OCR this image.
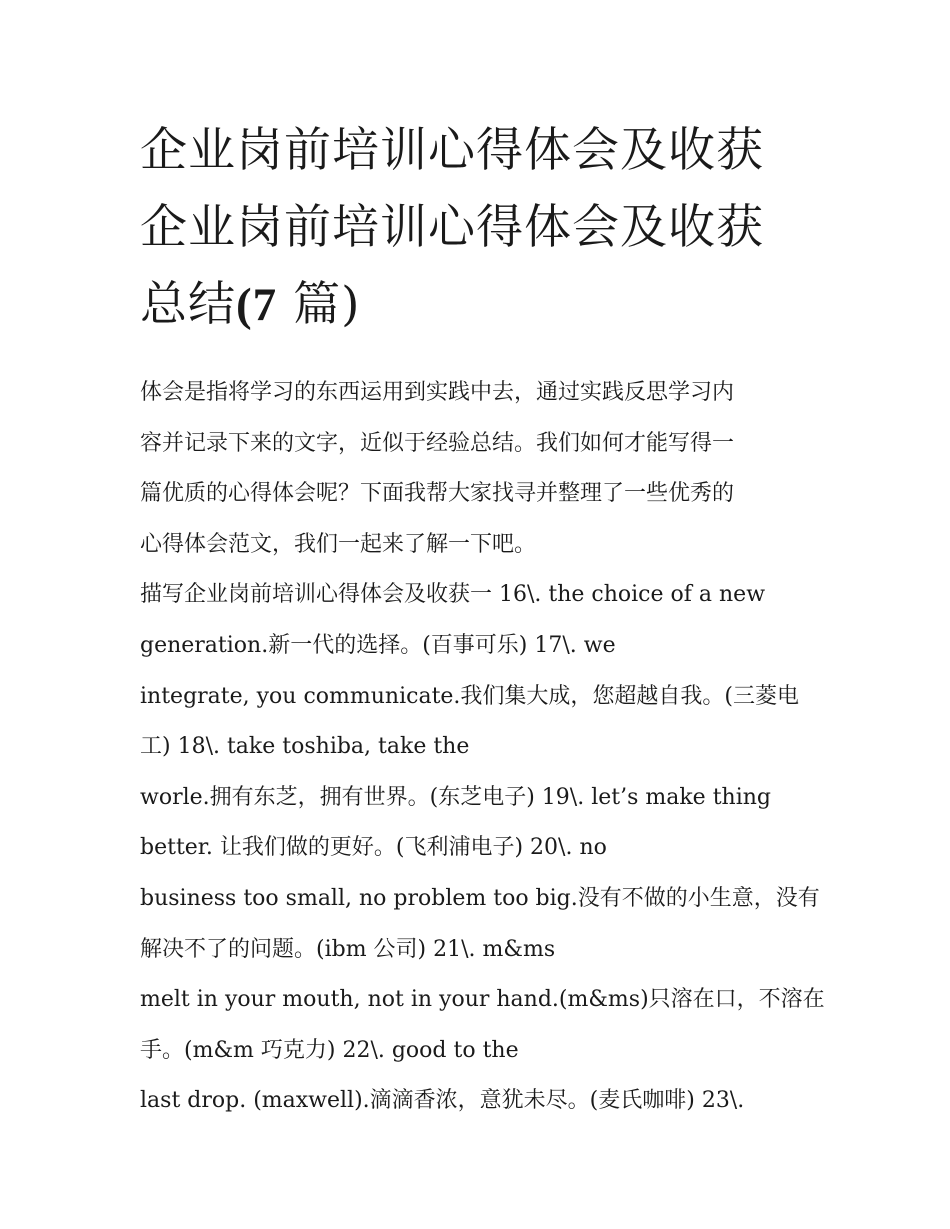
企业岗前培训心得体会及收获
企业岗前培训心得体会及收获
总结(7 篇)
体会是指将学习的东西运用到实践中去，通过实践反思学习内
容并记录下来的文字，近似于经验总结。我们如何才能写得一
篇优质的心得体会呢？下面我帮大家找寻并整理了一些优秀的
心得体会范文，我们一起来了解一下吧。
描写企业岗前培训心得体会及收获一 16\. the choice of a new
generation.新一代的选择。(百事可乐) 17\. we
integrate, you communicate.我们集大成，您超越自我。(三菱电
工) 18\. take toshiba, take the
worle.拥有东芝，拥有世界。(东芝电子) 19\. let’s make thing
better. 让我们做的更好。(飞利浦电子) 20\. no
business too small, no problem too big.没有不做的小生意，没有
解决不了的问题。(ibm 公司) 21\. m&ms
melt in your mouth, not in your hand.(m&ms)只溶在口，不溶在
手。(m&m 巧克力) 22\. good to the
last drop. (maxwell).滴滴香浓，意犹未尽。(麦氏咖啡) 23\.
